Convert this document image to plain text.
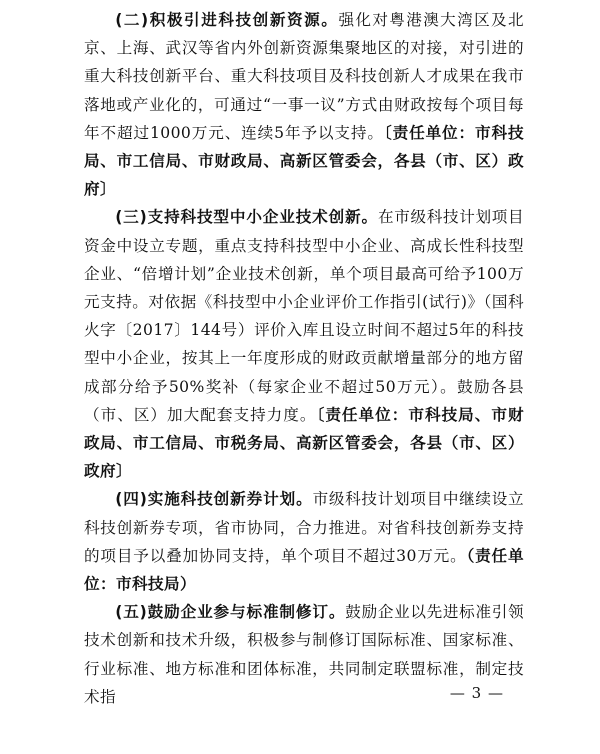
(二)积极引进科技创新资源。强化对粤港澳大湾区及北京、上海、武汉等省内外创新资源集聚地区的对接，对引进的重大科技创新平台、重大科技项目及科技创新人才成果在我市落地或产业化的，可通过“一事一议”方式由财政按每个项目每年不超过1000万元、连续5年予以支持。〔责任单位：市科技局、市工信局、市财政局、高新区管委会，各县（市、区）政府〕

(三)支持科技型中小企业技术创新。在市级科技计划项目资金中设立专题，重点支持科技型中小企业、高成长性科技型企业、“倍增计划”企业技术创新，单个项目最高可给予100万元支持。对依据《科技型中小企业评价工作指引(试行)》（国科火字〔2017〕144号）评价入库且设立时间不超过5年的科技型中小企业，按其上一年度形成的财政贡献增量部分的地方留成部分给予50%奖补（每家企业不超过50万元）。鼓励各县（市、区）加大配套支持力度。〔责任单位：市科技局、市财政局、市工信局、市税务局、高新区管委会，各县（市、区）政府〕

(四)实施科技创新券计划。市级科技计划项目中继续设立科技创新券专项，省市协同，合力推进。对省科技创新券支持的项目予以叠加协同支持，单个项目不超过30万元。（责任单位：市科技局）

(五)鼓励企业参与标准制修订。鼓励企业以先进标准引领技术创新和技术升级，积极参与制修订国际标准、国家标准、行业标准、地方标准和团体标准，共同制定联盟标准，制定技术指	— 3 —
